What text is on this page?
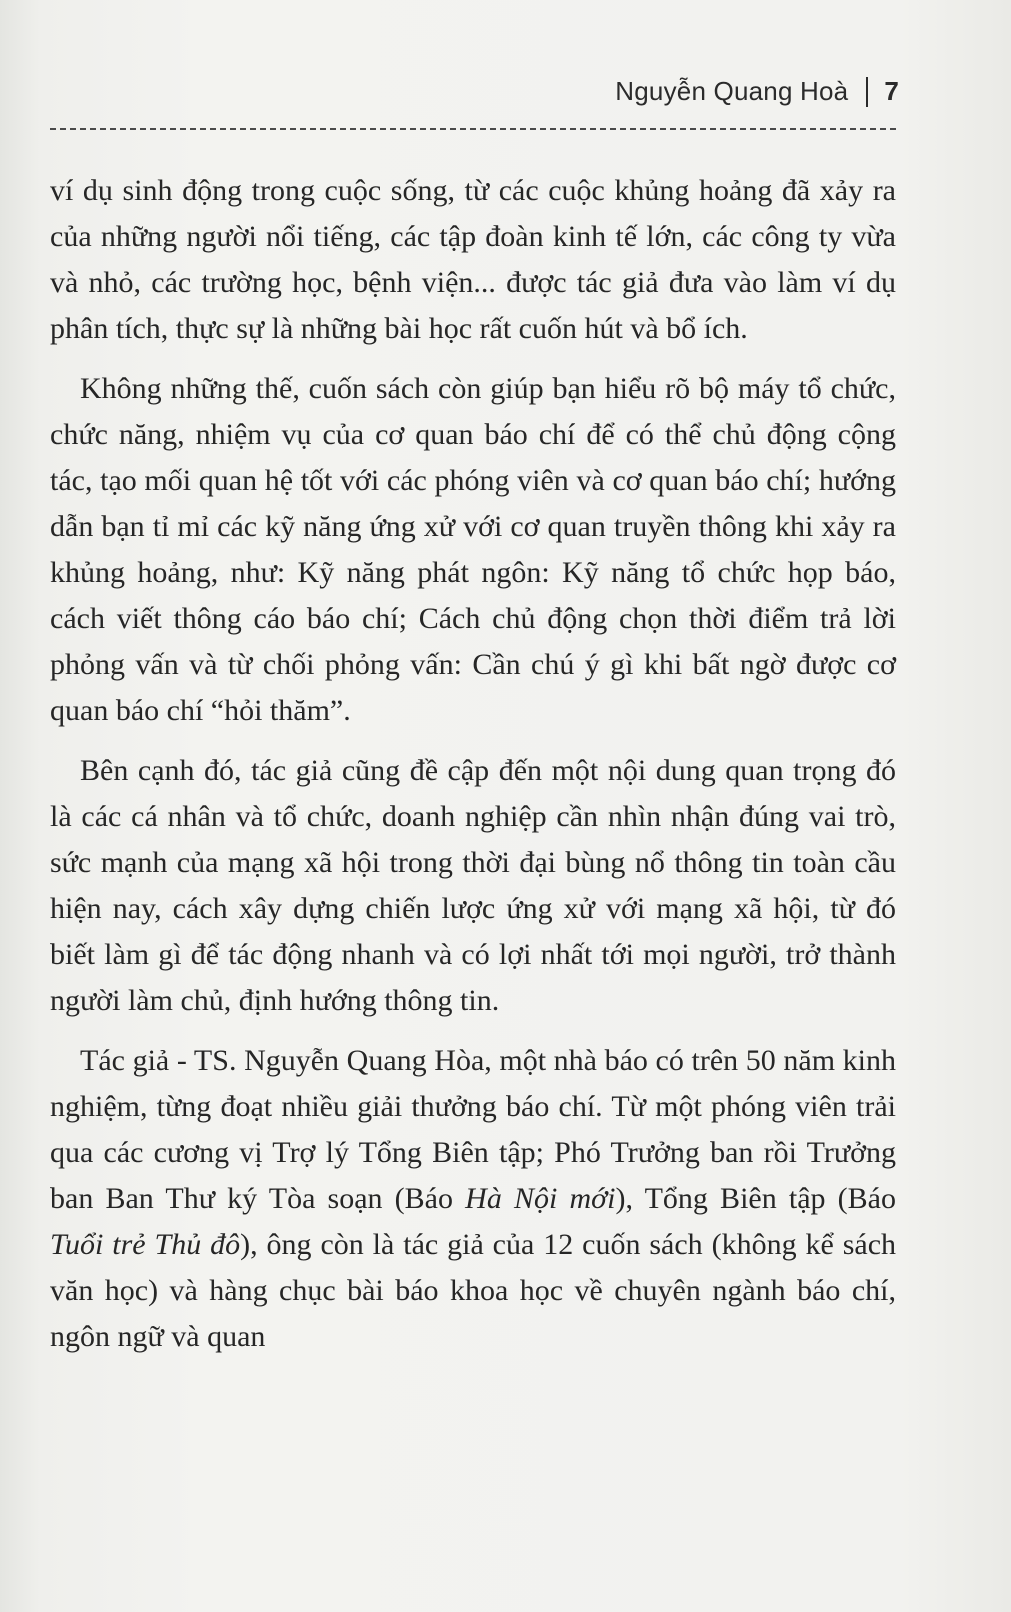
Nguyễn Quang Hoà 7

ví dụ sinh động trong cuộc sống, từ các cuộc khủng hoảng đã xảy ra của những người nổi tiếng, các tập đoàn kinh tế lớn, các công ty vừa và nhỏ, các trường học, bệnh viện... được tác giả đưa vào làm ví dụ phân tích, thực sự là những bài học rất cuốn hút và bổ ích.

Không những thế, cuốn sách còn giúp bạn hiểu rõ bộ máy tổ chức, chức năng, nhiệm vụ của cơ quan báo chí để có thể chủ động cộng tác, tạo mối quan hệ tốt với các phóng viên và cơ quan báo chí; hướng dẫn bạn tỉ mỉ các kỹ năng ứng xử với cơ quan truyền thông khi xảy ra khủng hoảng, như: Kỹ năng phát ngôn: Kỹ năng tổ chức họp báo, cách viết thông cáo báo chí; Cách chủ động chọn thời điểm trả lời phỏng vấn và từ chối phỏng vấn: Cần chú ý gì khi bất ngờ được cơ quan báo chí “hỏi thăm”.

Bên cạnh đó, tác giả cũng đề cập đến một nội dung quan trọng đó là các cá nhân và tổ chức, doanh nghiệp cần nhìn nhận đúng vai trò, sức mạnh của mạng xã hội trong thời đại bùng nổ thông tin toàn cầu hiện nay, cách xây dựng chiến lược ứng xử với mạng xã hội, từ đó biết làm gì để tác động nhanh và có lợi nhất tới mọi người, trở thành người làm chủ, định hướng thông tin.

Tác giả - TS. Nguyễn Quang Hòa, một nhà báo có trên 50 năm kinh nghiệm, từng đoạt nhiều giải thưởng báo chí. Từ một phóng viên trải qua các cương vị Trợ lý Tổng Biên tập; Phó Trưởng ban rồi Trưởng ban Ban Thư ký Tòa soạn (Báo Hà Nội mới), Tổng Biên tập (Báo Tuổi trẻ Thủ đô), ông còn là tác giả của 12 cuốn sách (không kể sách văn học) và hàng chục bài báo khoa học về chuyên ngành báo chí, ngôn ngữ và quan
